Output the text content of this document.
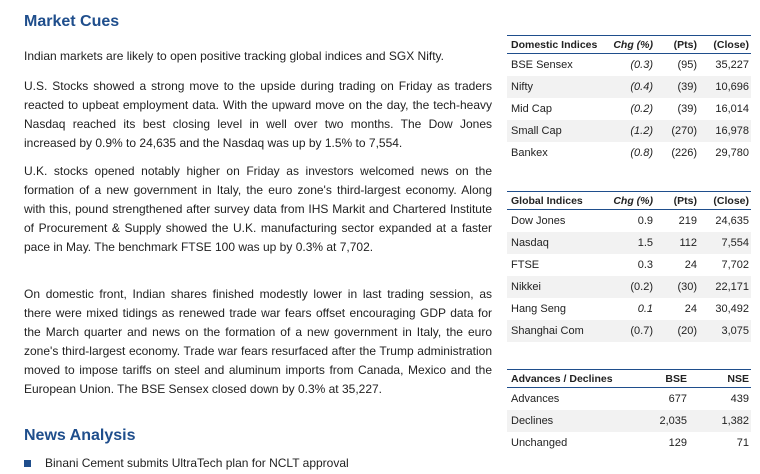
Market Cues

Indian markets are likely to open positive tracking global indices and SGX Nifty.

U.S. Stocks showed a strong move to the upside during trading on Friday as traders reacted to upbeat employment data. With the upward move on the day, the tech-heavy Nasdaq reached its best closing level in well over two months. The Dow Jones increased by 0.9% to 24,635 and the Nasdaq was up by 1.5% to 7,554.

U.K. stocks opened notably higher on Friday as investors welcomed news on the formation of a new government in Italy, the euro zone's third-largest economy. Along with this, pound strengthened after survey data from IHS Markit and Chartered Institute of Procurement & Supply showed the U.K. manufacturing sector expanded at a faster pace in May. The benchmark FTSE 100 was up by 0.3% at 7,702.

On domestic front, Indian shares finished modestly lower in last trading session, as there were mixed tidings as renewed trade war fears offset encouraging GDP data for the March quarter and news on the formation of a new government in Italy, the euro zone's third-largest economy. Trade war fears resurfaced after the Trump administration moved to impose tariffs on steel and aluminum imports from Canada, Mexico and the European Union. The BSE Sensex closed down by 0.3% at 35,227.

News Analysis
Binani Cement submits UltraTech plan for NCLT approval
Domestic Indices	Chg (%)	(Pts)	(Close)
BSE Sensex	(0.3)	(95)	35,227
Nifty	(0.4)	(39)	10,696
Mid Cap	(0.2)	(39)	16,014
Small Cap	(1.2)	(270)	16,978
Bankex	(0.8)	(226)	29,780
Global Indices	Chg (%)	(Pts)	(Close)
Dow Jones	0.9	219	24,635
Nasdaq	1.5	112	7,554
FTSE	0.3	24	7,702
Nikkei	(0.2)	(30)	22,171
Hang Seng	0.1	24	30,492
Shanghai Com	(0.7)	(20)	3,075
Advances / Declines	BSE	NSE
Advances	677	439
Declines	2,035	1,382
Unchanged	129	71
